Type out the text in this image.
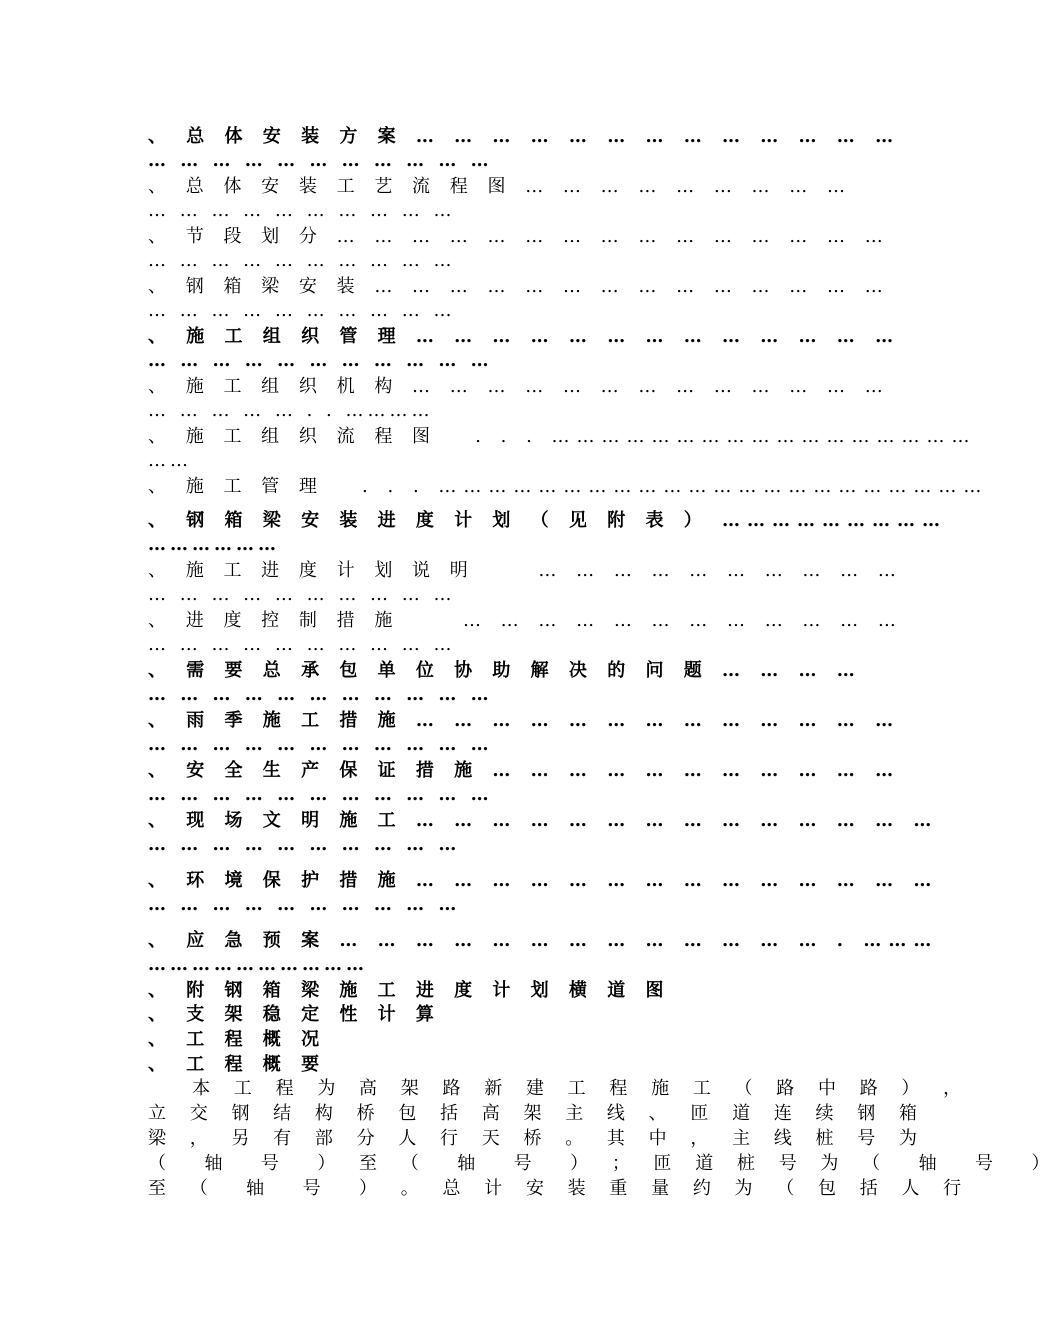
、 总 体 安 装 方 案 … … … … … … … … … … … … …
… … … … … … … … … … …
、 总 体 安 装 工 艺 流 程 图 … … … … … … … … …
… … … … … … … … … …
、 节 段 划 分 … … … … … … … … … … … … … … …
… … … … … … … … … …
、 钢 箱 梁 安 装 … … … … … … … … … … … … … …
… … … … … … … … … …
、 施 工 组 织 管 理 … … … … … … … … … … … … …
… … … … … … … … … … …
、 施 工 组 织 机 构 … … … … … … … … … … … … …
… … … … … . . …………
、 施 工 组 织 流 程 图   . . . ……………………………………………
……
、 施 工 管 理   . . . …………………………………………………………
、 钢 箱 梁 安 装 进 度 计 划 （ 见 附 表 ） ………………………
………………
、 施 工 进 度 计 划 说 明     … … … … … … … … … …
… … … … … … … … … …
、 进 度 控 制 措 施     … … … … … … … … … … … …
… … … … … … … … … …
、 需 要 总 承 包 单 位 协 助 解 决 的 问 题 … … … …
… … … … … … … … … … …
、 雨 季 施 工 措 施 … … … … … … … … … … … … …
… … … … … … … … … … …
、 安 全 生 产 保 证 措 施 … … … … … … … … … … …
… … … … … … … … … … …
、 现 场 文 明 施 工 … … … … … … … … … … … … … …
… … … … … … … … … …
、 环 境 保 护 措 施 … … … … … … … … … … … … … …
… … … … … … … … … …
、 应 急 预 案 … … … … … … … … … … … … … . ………
…………………………
、 附 钢 箱 梁 施 工 进 度 计 划 横 道 图
、 支 架 稳 定 性 计 算
、 工 程 概 况
、 工 程 概 要
本 工 程 为 高 架 路 新 建 工 程 施 工 （ 路 中 路 ） ，
立 交 钢 结 构 桥 包 括 高 架 主 线 、 匝 道 连 续 钢 箱
梁 ， 另 有 部 分 人 行 天 桥 。 其 中 ， 主 线 桩 号 为
（  轴  号  ） 至 （  轴  号  ） ； 匝 道 桩 号 为 （  轴  号  ）
至 （  轴  号  ） 。 总 计 安 装 重 量 约 为 （ 包 括 人 行
